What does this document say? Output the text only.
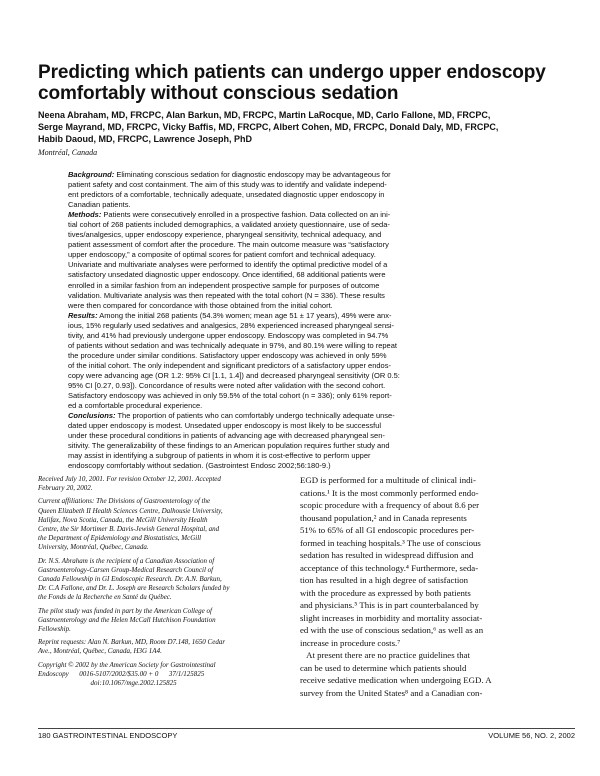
Predicting which patients can undergo upper endoscopy
comfortably without conscious sedation
Neena Abraham, MD, FRCPC, Alan Barkun, MD, FRCPC, Martin LaRocque, MD, Carlo Fallone, MD, FRCPC,
Serge Mayrand, MD, FRCPC, Vicky Baffis, MD, FRCPC, Albert Cohen, MD, FRCPC, Donald Daly, MD, FRCPC,
Habib Daoud, MD, FRCPC, Lawrence Joseph, PhD
Montréal, Canada
Background: Eliminating conscious sedation for diagnostic endoscopy may be advantageous for
patient safety and cost containment. The aim of this study was to identify and validate independ-
ent predictors of a comfortable, technically adequate, unsedated diagnostic upper endoscopy in
Canadian patients.
Methods: Patients were consecutively enrolled in a prospective fashion. Data collected on an ini-
tial cohort of 268 patients included demographics, a validated anxiety questionnaire, use of seda-
tives/analgesics, upper endoscopy experience, pharyngeal sensitivity, technical adequacy, and
patient assessment of comfort after the procedure. The main outcome measure was “satisfactory
upper endoscopy,” a composite of optimal scores for patient comfort and technical adequacy.
Univariate and multivariate analyses were performed to identify the optimal predictive model of a
satisfactory unsedated diagnostic upper endoscopy. Once identified, 68 additional patients were
enrolled in a similar fashion from an independent prospective sample for purposes of outcome
validation. Multivariate analysis was then repeated with the total cohort (N = 336). These results
were then compared for concordance with those obtained from the initial cohort.
Results: Among the initial 268 patients (54.3% women; mean age 51 ± 17 years), 49% were anx-
ious, 15% regularly used sedatives and analgesics, 28% experienced increased pharyngeal sensi-
tivity, and 41% had previously undergone upper endoscopy. Endoscopy was completed in 94.7%
of patients without sedation and was technically adequate in 97%, and 80.1% were willing to repeat
the procedure under similar conditions. Satisfactory upper endoscopy was achieved in only 59%
of the initial cohort. The only independent and significant predictors of a satisfactory upper endos-
copy were advancing age (OR 1.2: 95% CI [1.1, 1.4]) and decreased pharyngeal sensitivity (OR 0.5:
95% CI [0.27, 0.93]). Concordance of results were noted after validation with the second cohort.
Satisfactory endoscopy was achieved in only 59.5% of the total cohort (n = 336); only 61% report-
ed a comfortable procedural experience.
Conclusions: The proportion of patients who can comfortably undergo technically adequate unse-
dated upper endoscopy is modest. Unsedated upper endoscopy is most likely to be successful
under these procedural conditions in patients of advancing age with decreased pharyngeal sen-
sitivity. The generalizability of these findings to an American population requires further study and
may assist in identifying a subgroup of patients in whom it is cost-effective to perform upper
endoscopy comfortably without sedation. (Gastrointest Endosc 2002;56:180-9.)
Received July 10, 2001. For revision October 12, 2001. Accepted
February 20, 2002.
Current affiliations: The Divisions of Gastroenterology of the
Queen Elizabeth II Health Sciences Centre, Dalhousie University,
Halifax, Nova Scotia, Canada, the McGill University Health
Centre, the Sir Mortimer B. Davis-Jewish General Hospital, and
the Department of Epidemiology and Biostatistics, McGill
University, Montréal, Québec, Canada.
Dr. N.S. Abraham is the recipient of a Canadian Association of
Gastroenterology-Carsen Group-Medical Research Council of
Canada Fellowship in GI Endoscopic Research. Dr. A.N. Barkun,
Dr. C.A Fallone, and Dr. L. Joseph are Research Scholars funded by
the Fonds de la Recherche en Santé du Québec.
The pilot study was funded in part by the American College of
Gastroenterology and the Helen McCall Hutchison Foundation
Fellowship.
Reprint requests: Alan N. Barkun, MD, Room D7.148, 1650 Cedar
Ave., Montréal, Québec, Canada, H3G 1A4.
Copyright © 2002 by the American Society for Gastrointestinal
Endoscopy      0016-5107/2002/$35.00 + 0      37/1/125825
doi:10.1067/mge.2002.125825
EGD is performed for a multitude of clinical indi-
cations.¹ It is the most commonly performed endo-
scopic procedure with a frequency of about 8.6 per
thousand population,² and in Canada represents
51% to 65% of all GI endoscopic procedures per-
formed in teaching hospitals.³ The use of conscious
sedation has resulted in widespread diffusion and
acceptance of this technology.⁴ Furthermore, seda-
tion has resulted in a high degree of satisfaction
with the procedure as expressed by both patients
and physicians.⁵ This is in part counterbalanced by
slight increases in morbidity and mortality associat-
ed with the use of conscious sedation,⁶ as well as an
increase in procedure costs.⁷
At present there are no practice guidelines that
can be used to determine which patients should
receive sedative medication when undergoing EGD. A
survey from the United States⁸ and a Canadian con-
180 GASTROINTESTINAL ENDOSCOPY	VOLUME 56, NO. 2, 2002
